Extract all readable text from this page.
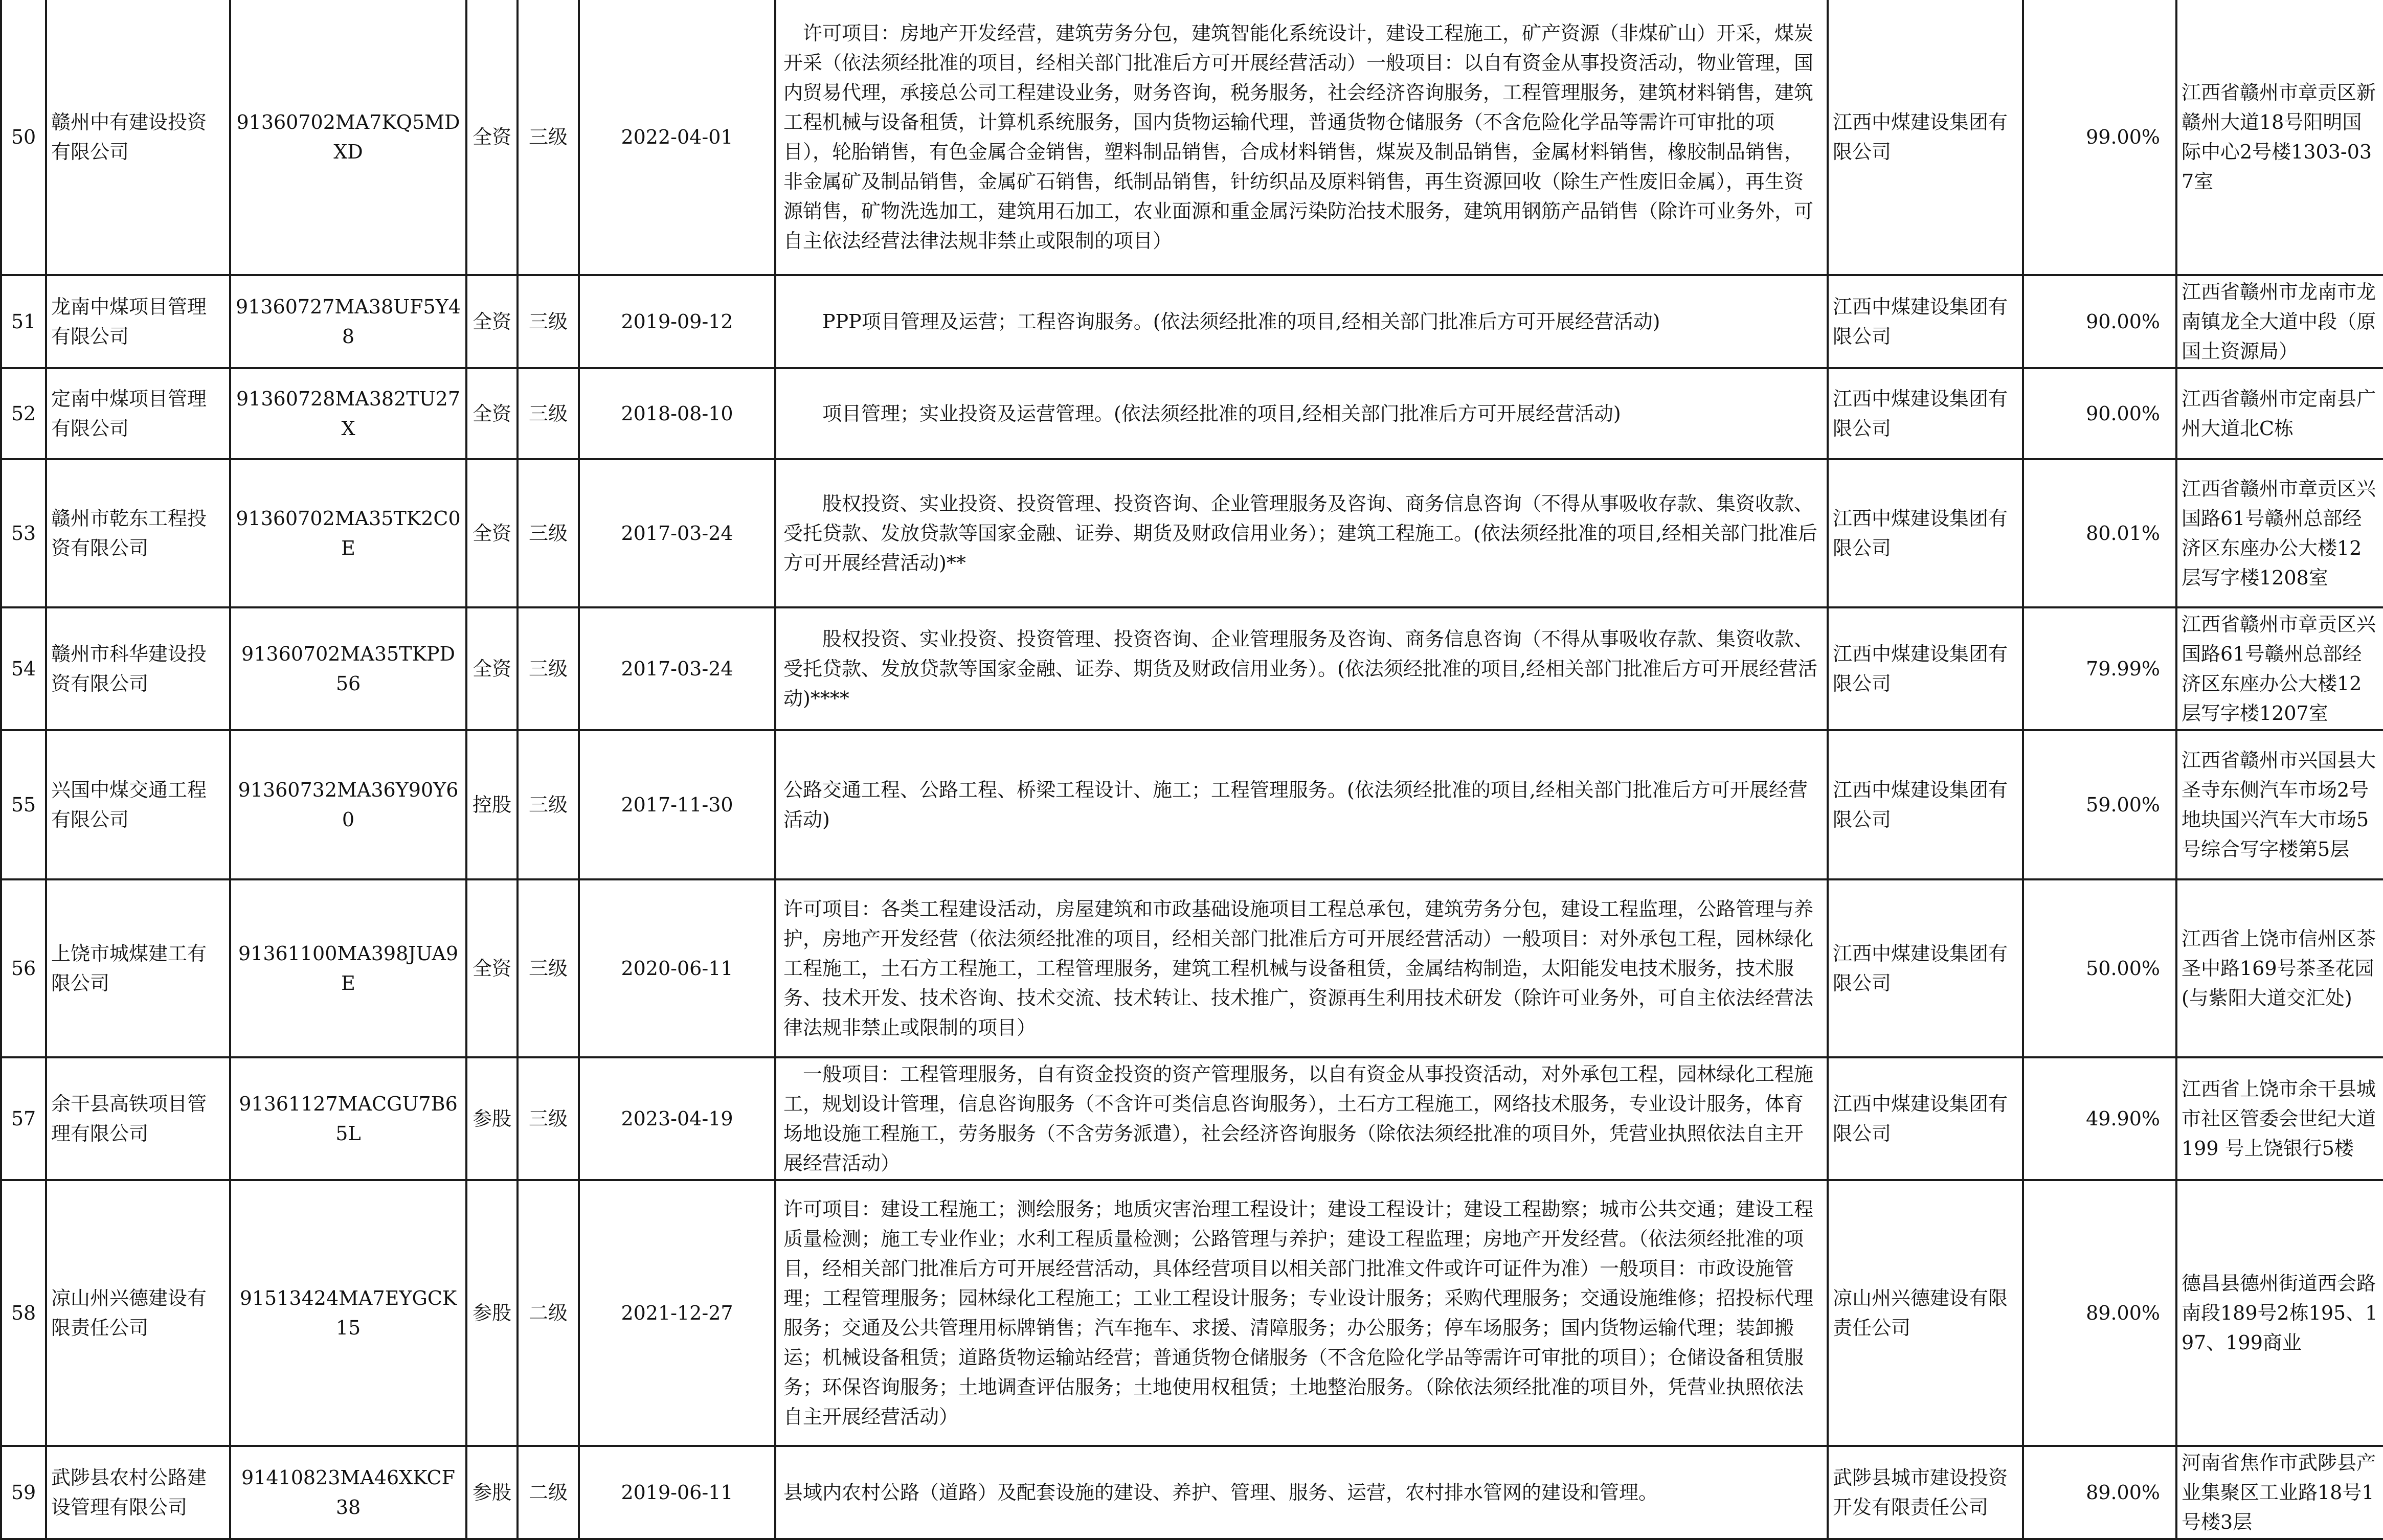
50	赣州中有建设投资有限公司	91360702MA7KQ5MDXD	全资	三级	2022-04-01	　许可项目：房地产开发经营，建筑劳务分包，建筑智能化系统设计，建设工程施工，矿产资源（非煤矿山）开采，煤炭开采（依法须经批准的项目，经相关部门批准后方可开展经营活动）一般项目：以自有资金从事投资活动，物业管理，国内贸易代理，承接总公司工程建设业务，财务咨询，税务服务，社会经济咨询服务，工程管理服务，建筑材料销售，建筑工程机械与设备租赁，计算机系统服务，国内货物运输代理，普通货物仓储服务（不含危险化学品等需许可审批的项目），轮胎销售，有色金属合金销售，塑料制品销售，合成材料销售，煤炭及制品销售，金属材料销售，橡胶制品销售，非金属矿及制品销售，金属矿石销售，纸制品销售，针纺织品及原料销售，再生资源回收（除生产性废旧金属），再生资源销售，矿物洗选加工，建筑用石加工，农业面源和重金属污染防治技术服务，建筑用钢筋产品销售（除许可业务外，可自主依法经营法律法规非禁止或限制的项目）	江西中煤建设集团有限公司	99.00%	江西省赣州市章贡区新赣州大道18号阳明国际中心2号楼1303-037室
51	龙南中煤项目管理有限公司	91360727MA38UF5Y48	全资	三级	2019-09-12	　　PPP项目管理及运营；工程咨询服务。(依法须经批准的项目,经相关部门批准后方可开展经营活动)	江西中煤建设集团有限公司	90.00%	江西省赣州市龙南市龙南镇龙全大道中段（原国土资源局）
52	定南中煤项目管理有限公司	91360728MA382TU27X	全资	三级	2018-08-10	　　项目管理；实业投资及运营管理。(依法须经批准的项目,经相关部门批准后方可开展经营活动)	江西中煤建设集团有限公司	90.00%	江西省赣州市定南县广州大道北C栋
53	赣州市乾东工程投资有限公司	91360702MA35TK2C0E	全资	三级	2017-03-24	　　股权投资、实业投资、投资管理、投资咨询、企业管理服务及咨询、商务信息咨询（不得从事吸收存款、集资收款、受托贷款、发放贷款等国家金融、证券、期货及财政信用业务）；建筑工程施工。(依法须经批准的项目,经相关部门批准后方可开展经营活动)**	江西中煤建设集团有限公司	80.01%	江西省赣州市章贡区兴国路61号赣州总部经济区东座办公大楼12层写字楼1208室
54	赣州市科华建设投资有限公司	91360702MA35TKPD56	全资	三级	2017-03-24	　　股权投资、实业投资、投资管理、投资咨询、企业管理服务及咨询、商务信息咨询（不得从事吸收存款、集资收款、受托贷款、发放贷款等国家金融、证券、期货及财政信用业务）。(依法须经批准的项目,经相关部门批准后方可开展经营活动)****	江西中煤建设集团有限公司	79.99%	江西省赣州市章贡区兴国路61号赣州总部经济区东座办公大楼12层写字楼1207室
55	兴国中煤交通工程有限公司	91360732MA36Y90Y60	控股	三级	2017-11-30	公路交通工程、公路工程、桥梁工程设计、施工；工程管理服务。(依法须经批准的项目,经相关部门批准后方可开展经营活动)	江西中煤建设集团有限公司	59.00%	江西省赣州市兴国县大圣寺东侧汽车市场2号地块国兴汽车大市场5号综合写字楼第5层
56	上饶市城煤建工有限公司	91361100MA398JUA9E	全资	三级	2020-06-11	许可项目：各类工程建设活动，房屋建筑和市政基础设施项目工程总承包，建筑劳务分包，建设工程监理，公路管理与养护，房地产开发经营（依法须经批准的项目，经相关部门批准后方可开展经营活动）一般项目：对外承包工程，园林绿化工程施工，土石方工程施工，工程管理服务，建筑工程机械与设备租赁，金属结构制造，太阳能发电技术服务，技术服务、技术开发、技术咨询、技术交流、技术转让、技术推广，资源再生利用技术研发（除许可业务外，可自主依法经营法律法规非禁止或限制的项目）	江西中煤建设集团有限公司	50.00%	江西省上饶市信州区茶圣中路169号茶圣花园(与紫阳大道交汇处)
57	余干县高铁项目管理有限公司	91361127MACGU7B65L	参股	三级	2023-04-19	　一般项目：工程管理服务，自有资金投资的资产管理服务，以自有资金从事投资活动，对外承包工程，园林绿化工程施工，规划设计管理，信息咨询服务（不含许可类信息咨询服务），土石方工程施工，网络技术服务，专业设计服务，体育场地设施工程施工，劳务服务（不含劳务派遣），社会经济咨询服务（除依法须经批准的项目外，凭营业执照依法自主开展经营活动）	江西中煤建设集团有限公司	49.90%	江西省上饶市余干县城市社区管委会世纪大道 199 号上饶银行5楼
58	凉山州兴德建设有限责任公司	91513424MA7EYGCK15	参股	二级	2021-12-27	许可项目：建设工程施工；测绘服务；地质灾害治理工程设计；建设工程设计；建设工程勘察；城市公共交通；建设工程质量检测；施工专业作业；水利工程质量检测；公路管理与养护；建设工程监理；房地产开发经营。（依法须经批准的项目，经相关部门批准后方可开展经营活动，具体经营项目以相关部门批准文件或许可证件为准）一般项目：市政设施管理；工程管理服务；园林绿化工程施工；工业工程设计服务；专业设计服务；采购代理服务；交通设施维修；招投标代理服务；交通及公共管理用标牌销售；汽车拖车、求援、清障服务；办公服务；停车场服务；国内货物运输代理；装卸搬运；机械设备租赁；道路货物运输站经营；普通货物仓储服务（不含危险化学品等需许可审批的项目）；仓储设备租赁服务；环保咨询服务；土地调查评估服务；土地使用权租赁；土地整治服务。（除依法须经批准的项目外，凭营业执照依法自主开展经营活动）	凉山州兴德建设有限责任公司	89.00%	德昌县德州街道西会路南段189号2栋195、197、199商业
59	武陟县农村公路建设管理有限公司	91410823MA46XKCF38	参股	二级	2019-06-11	县域内农村公路（道路）及配套设施的建设、养护、管理、服务、运营，农村排水管网的建设和管理。	武陟县城市建设投资开发有限责任公司	89.00%	河南省焦作市武陟县产业集聚区工业路18号1号楼3层
